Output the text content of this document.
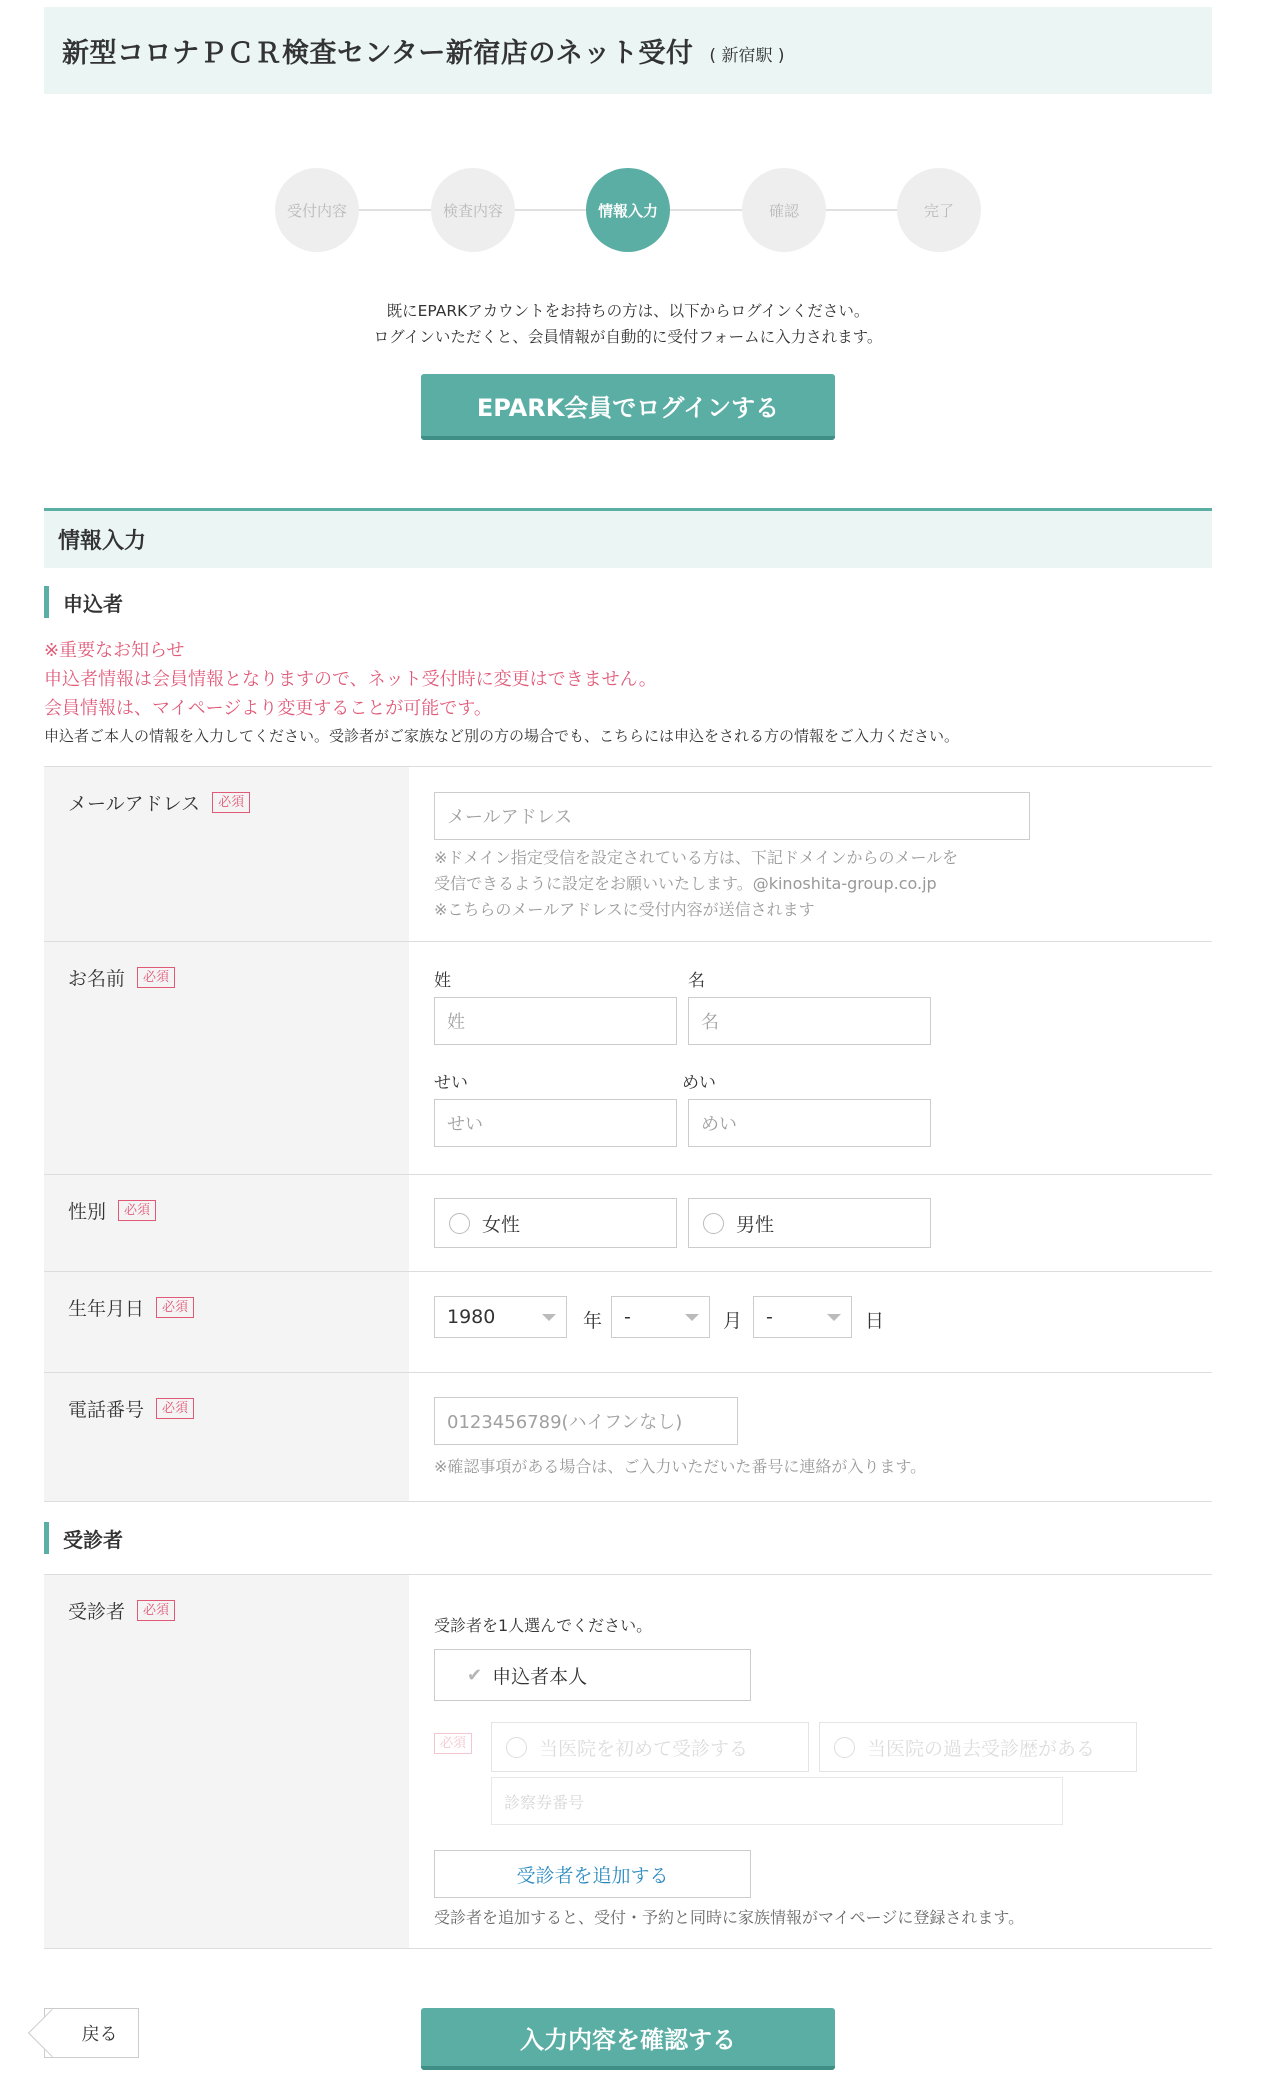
新型コロナＰＣＲ検査センター新宿店のネット受付 ( 新宿駅 )
受付内容	検査内容	情報入力	確認	完了
既にEPARKアカウントをお持ちの方は、以下からログインください。
ログインいただくと、会員情報が自動的に受付フォームに入力されます。
EPARK会員でログインする
情報入力
申込者
※重要なお知らせ
申込者情報は会員情報となりますので、ネット受付時に変更はできません。
会員情報は、マイページより変更することが可能です。
申込者ご本人の情報を入力してください。受診者がご家族など別の方の場合でも、こちらには申込をされる方の情報をご入力ください。
メールアドレス	必須
メールアドレス
※ドメイン指定受信を設定されている方は、下記ドメインからのメールを
受信できるように設定をお願いいたします。@kinoshita-group.co.jp
※こちらのメールアドレスに受付内容が送信されます
お名前	必須	姓	名
姓	名
せい	めい
せい	めい
性別	必須
女性	男性
生年月日	必須	1980	年 -	月 -	日
電話番号	必須
0123456789(ハイフンなし)
※確認事項がある場合は、ご入力いただいた番号に連絡が入ります。
受診者
受診者	必須
受診者を1人選んでください。
✔ 申込者本人
必須	当医院を初めて受診する	当医院の過去受診歴がある
診察券番号
受診者を追加する
受診者を追加すると、受付・予約と同時に家族情報がマイページに登録されます。
戻る	入力内容を確認する
